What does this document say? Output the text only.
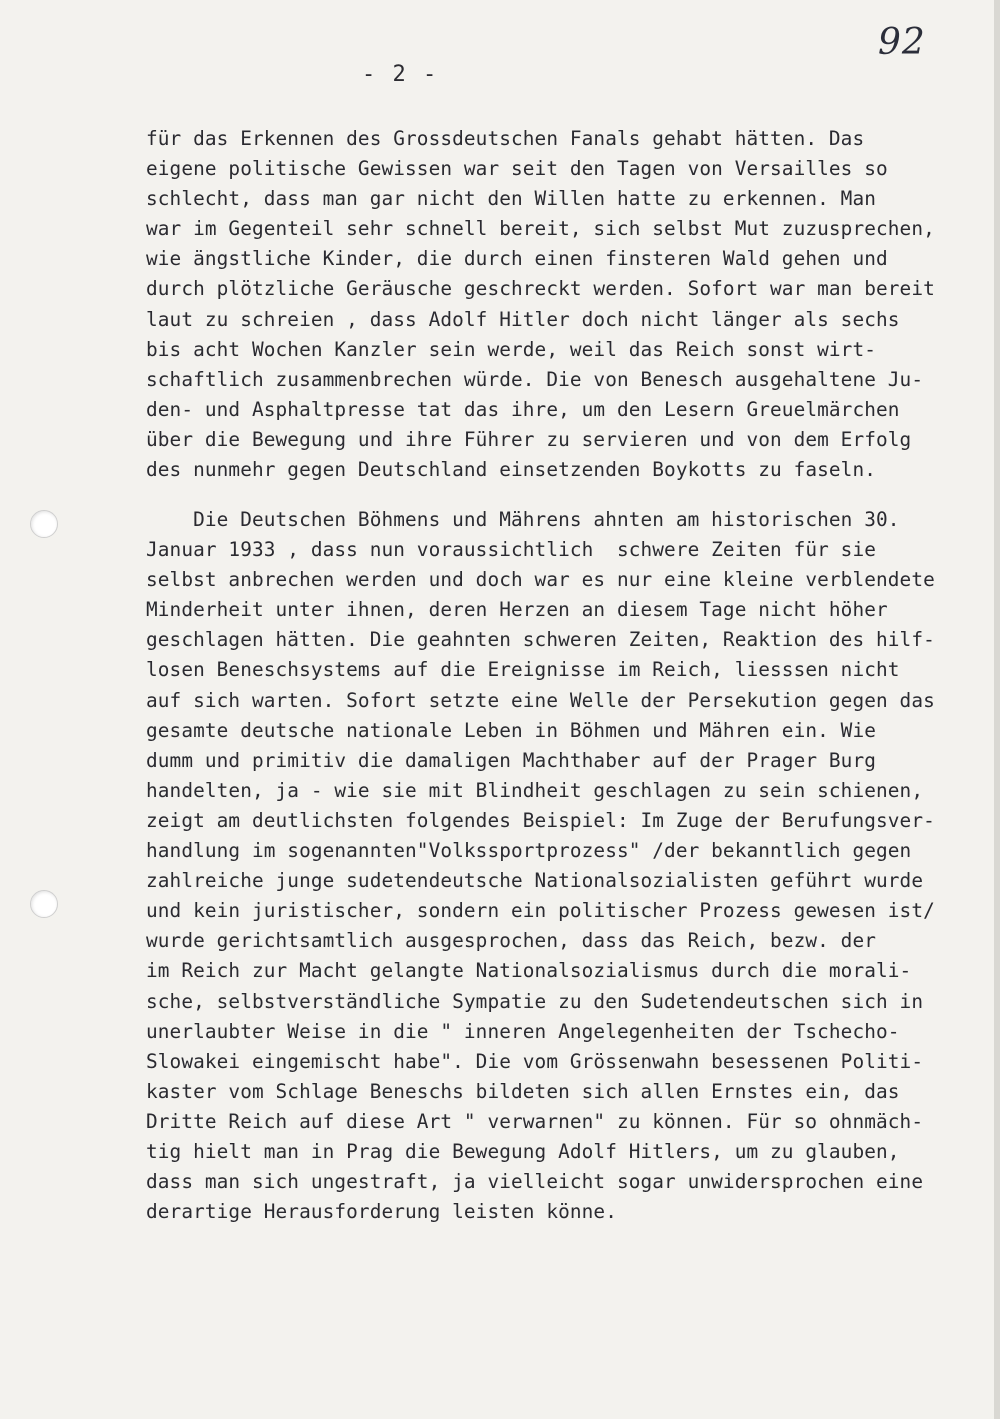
92
- 2 -
für das Erkennen des Grossdeutschen Fanals gehabt hätten. Das
eigene politische Gewissen war seit den Tagen von Versailles so
schlecht, dass man gar nicht den Willen hatte zu erkennen. Man
war im Gegenteil sehr schnell bereit, sich selbst Mut zuzusprechen,
wie ängstliche Kinder, die durch einen finsteren Wald gehen und
durch plötzliche Geräusche geschreckt werden. Sofort war man bereit
laut zu schreien , dass Adolf Hitler doch nicht länger als sechs
bis acht Wochen Kanzler sein werde, weil das Reich sonst wirt-
schaftlich zusammenbrechen würde. Die von Benesch ausgehaltene Ju-
den- und Asphaltpresse tat das ihre, um den Lesern Greuelmärchen
über die Bewegung und ihre Führer zu servieren und von dem Erfolg
des nunmehr gegen Deutschland einsetzenden Boykotts zu faseln.
Die Deutschen Böhmens und Mährens ahnten am historischen 30.
Januar 1933 , dass nun voraussichtlich  schwere Zeiten für sie
selbst anbrechen werden und doch war es nur eine kleine verblendete
Minderheit unter ihnen, deren Herzen an diesem Tage nicht höher
geschlagen hätten. Die geahnten schweren Zeiten, Reaktion des hilf-
losen Beneschsystems auf die Ereignisse im Reich, liesssen nicht
auf sich warten. Sofort setzte eine Welle der Persekution gegen das
gesamte deutsche nationale Leben in Böhmen und Mähren ein. Wie
dumm und primitiv die damaligen Machthaber auf der Prager Burg
handelten, ja - wie sie mit Blindheit geschlagen zu sein schienen,
zeigt am deutlichsten folgendes Beispiel: Im Zuge der Berufungsver-
handlung im sogenannten"Volkssportprozess" /der bekanntlich gegen
zahlreiche junge sudetendeutsche Nationalsozialisten geführt wurde
und kein juristischer, sondern ein politischer Prozess gewesen ist/
wurde gerichtsamtlich ausgesprochen, dass das Reich, bezw. der
im Reich zur Macht gelangte Nationalsozialismus durch die morali-
sche, selbstverständliche Sympatie zu den Sudetendeutschen sich in
unerlaubter Weise in die " inneren Angelegenheiten der Tschecho-
Slowakei eingemischt habe". Die vom Grössenwahn besessenen Politi-
kaster vom Schlage Beneschs bildeten sich allen Ernstes ein, das
Dritte Reich auf diese Art " verwarnen" zu können. Für so ohnmäch-
tig hielt man in Prag die Bewegung Adolf Hitlers, um zu glauben,
dass man sich ungestraft, ja vielleicht sogar unwidersprochen eine
derartige Herausforderung leisten könne.
